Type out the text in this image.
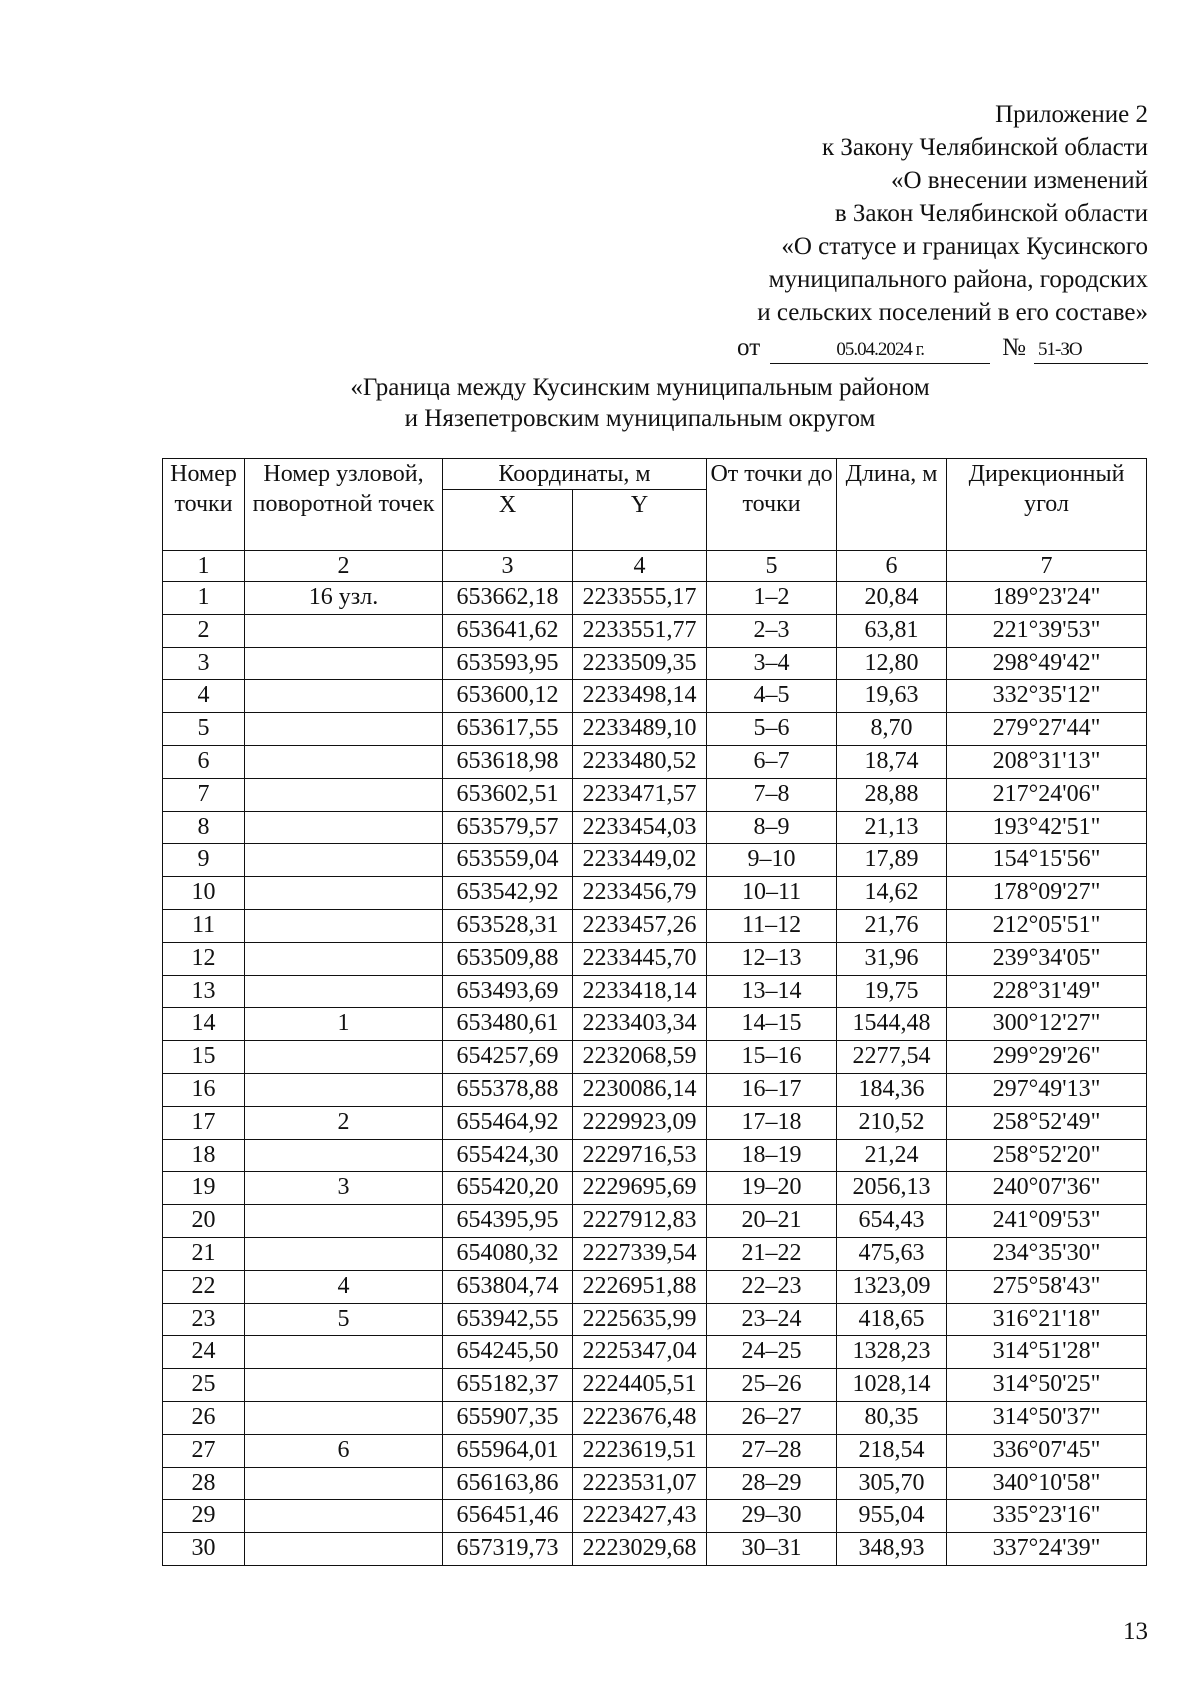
Приложение 2
к Закону Челябинской области
«О внесении изменений
в Закон Челябинской области
«О статусе и границах Кусинского
муниципального района, городских
и сельских поселений в его составе»
от	05.04.2024 г.	№ 51-ЗО
«Граница между Кусинским муниципальным районом
и Нязепетровским муниципальным округом
Номер точки	Номер узловой, поворотной точек	Координаты, м		От точки до точки	Длина, м	Дирекционный угол
		X	Y			
1	2	3	4	5	6	7
1	16 узл.	653662,18	2233555,17	1–2	20,84	189°23'24"
2		653641,62	2233551,77	2–3	63,81	221°39'53"
3		653593,95	2233509,35	3–4	12,80	298°49'42"
4		653600,12	2233498,14	4–5	19,63	332°35'12"
5		653617,55	2233489,10	5–6	8,70	279°27'44"
6		653618,98	2233480,52	6–7	18,74	208°31'13"
7		653602,51	2233471,57	7–8	28,88	217°24'06"
8		653579,57	2233454,03	8–9	21,13	193°42'51"
9		653559,04	2233449,02	9–10	17,89	154°15'56"
10		653542,92	2233456,79	10–11	14,62	178°09'27"
11		653528,31	2233457,26	11–12	21,76	212°05'51"
12		653509,88	2233445,70	12–13	31,96	239°34'05"
13		653493,69	2233418,14	13–14	19,75	228°31'49"
14	1	653480,61	2233403,34	14–15	1544,48	300°12'27"
15		654257,69	2232068,59	15–16	2277,54	299°29'26"
16		655378,88	2230086,14	16–17	184,36	297°49'13"
17	2	655464,92	2229923,09	17–18	210,52	258°52'49"
18		655424,30	2229716,53	18–19	21,24	258°52'20"
19	3	655420,20	2229695,69	19–20	2056,13	240°07'36"
20		654395,95	2227912,83	20–21	654,43	241°09'53"
21		654080,32	2227339,54	21–22	475,63	234°35'30"
22	4	653804,74	2226951,88	22–23	1323,09	275°58'43"
23	5	653942,55	2225635,99	23–24	418,65	316°21'18"
24		654245,50	2225347,04	24–25	1328,23	314°51'28"
25		655182,37	2224405,51	25–26	1028,14	314°50'25"
26		655907,35	2223676,48	26–27	80,35	314°50'37"
27	6	655964,01	2223619,51	27–28	218,54	336°07'45"
28		656163,86	2223531,07	28–29	305,70	340°10'58"
29		656451,46	2223427,43	29–30	955,04	335°23'16"
30		657319,73	2223029,68	30–31	348,93	337°24'39"
13
